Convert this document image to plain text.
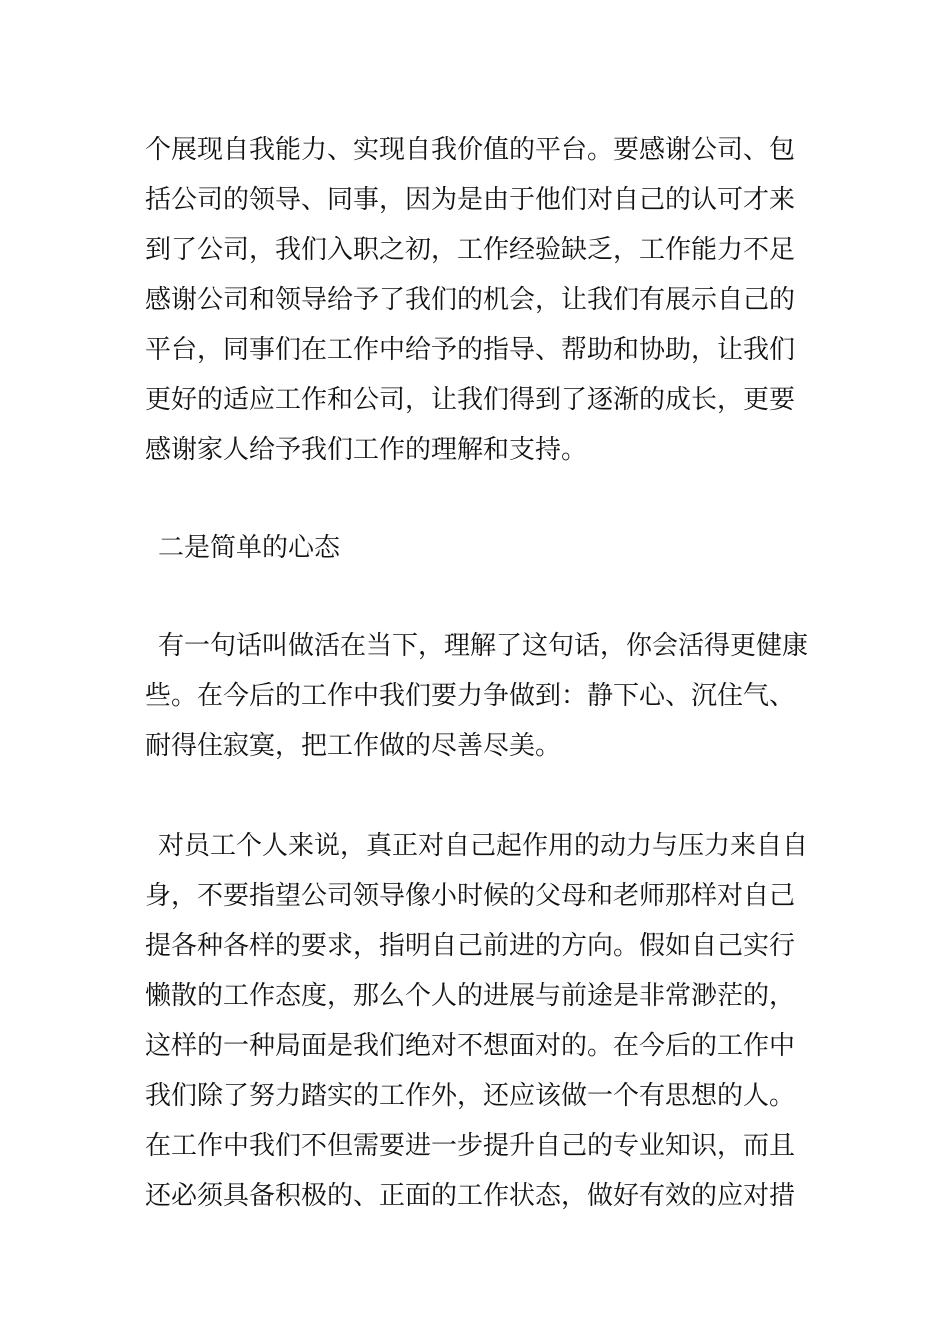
个展现自我能力、实现自我价值的平台。要感谢公司、包
括公司的领导、同事，因为是由于他们对自己的认可才来
到了公司，我们入职之初，工作经验缺乏，工作能力不足
感谢公司和领导给予了我们的机会，让我们有展示自己的
平台，同事们在工作中给予的指导、帮助和协助，让我们
更好的适应工作和公司，让我们得到了逐渐的成长，更要
感谢家人给予我们工作的理解和支持。
二是简单的心态
有一句话叫做活在当下，理解了这句话，你会活得更健康
些。在今后的工作中我们要力争做到：静下心、沉住气、
耐得住寂寞，把工作做的尽善尽美。
对员工个人来说，真正对自己起作用的动力与压力来自自
身，不要指望公司领导像小时候的父母和老师那样对自己
提各种各样的要求，指明自己前进的方向。假如自己实行
懒散的工作态度，那么个人的进展与前途是非常渺茫的，
这样的一种局面是我们绝对不想面对的。在今后的工作中
我们除了努力踏实的工作外，还应该做一个有思想的人。
在工作中我们不但需要进一步提升自己的专业知识，而且
还必须具备积极的、正面的工作状态，做好有效的应对措
